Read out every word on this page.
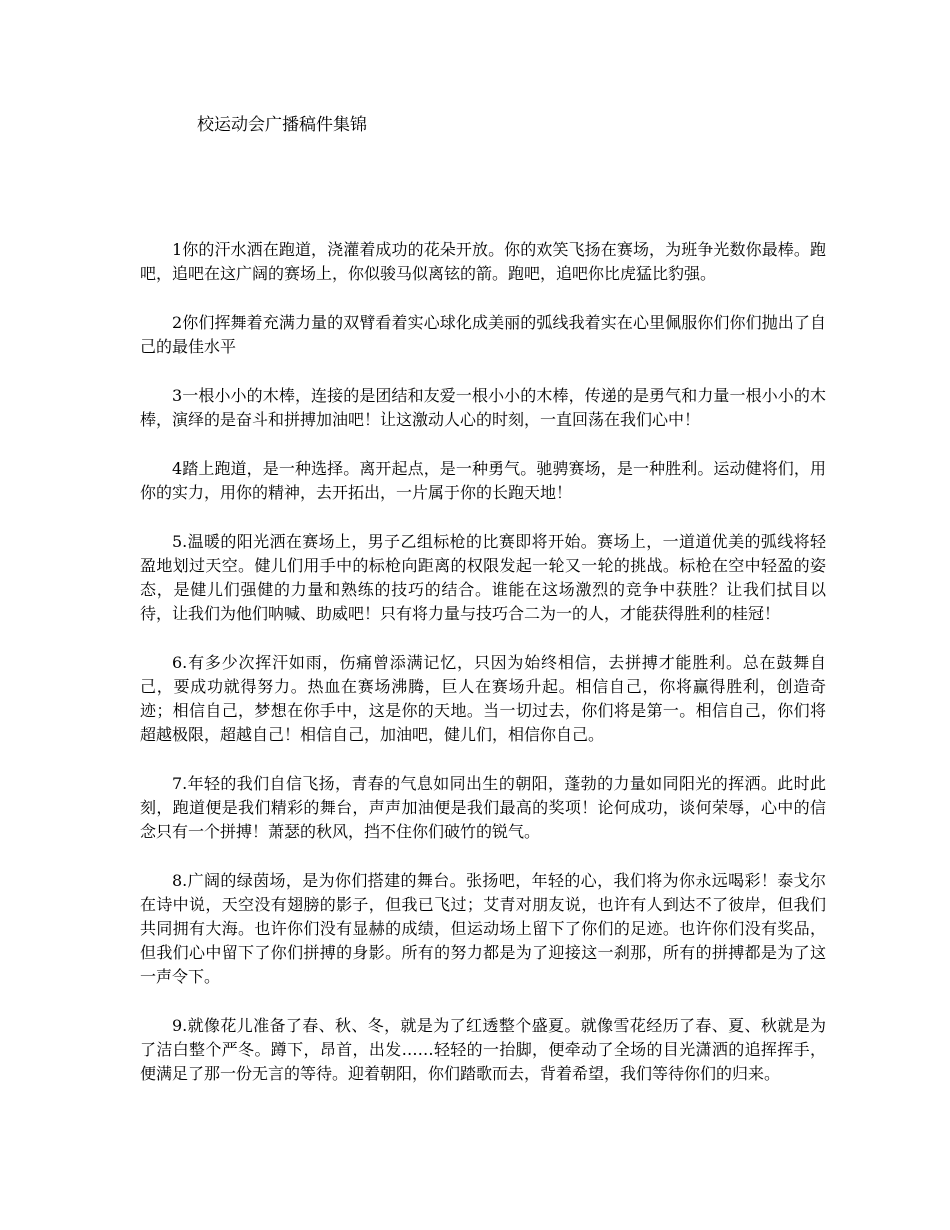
校运动会广播稿件集锦

1你的汗水洒在跑道，浇灌着成功的花朵开放。你的欢笑飞扬在赛场，为班争光数你最棒。跑吧，追吧在这广阔的赛场上，你似骏马似离铉的箭。跑吧，追吧你比虎猛比豹强。

2你们挥舞着充满力量的双臂看着实心球化成美丽的弧线我着实在心里佩服你们你们抛出了自己的最佳水平

3一根小小的木棒，连接的是团结和友爱一根小小的木棒，传递的是勇气和力量一根小小的木棒，演绎的是奋斗和拼搏加油吧！让这激动人心的时刻，一直回荡在我们心中！

4踏上跑道，是一种选择。离开起点，是一种勇气。驰骋赛场，是一种胜利。运动健将们，用你的实力，用你的精神，去开拓出，一片属于你的长跑天地！

5.温暖的阳光洒在赛场上，男子乙组标枪的比赛即将开始。赛场上，一道道优美的弧线将轻盈地划过天空。健儿们用手中的标枪向距离的权限发起一轮又一轮的挑战。标枪在空中轻盈的姿态，是健儿们强健的力量和熟练的技巧的结合。谁能在这场激烈的竞争中获胜？让我们拭目以待，让我们为他们呐喊、助威吧！只有将力量与技巧合二为一的人，才能获得胜利的桂冠！

6.有多少次挥汗如雨，伤痛曾添满记忆，只因为始终相信，去拼搏才能胜利。总在鼓舞自己，要成功就得努力。热血在赛场沸腾，巨人在赛场升起。相信自己，你将赢得胜利，创造奇迹；相信自己，梦想在你手中，这是你的天地。当一切过去，你们将是第一。相信自己，你们将超越极限，超越自己！相信自己，加油吧，健儿们，相信你自己。

7.年轻的我们自信飞扬，青春的气息如同出生的朝阳，蓬勃的力量如同阳光的挥洒。此时此刻，跑道便是我们精彩的舞台，声声加油便是我们最高的奖项！论何成功，谈何荣辱，心中的信念只有一个拼搏！萧瑟的秋风，挡不住你们破竹的锐气。

8.广阔的绿茵场，是为你们搭建的舞台。张扬吧，年轻的心，我们将为你永远喝彩！泰戈尔在诗中说，天空没有翅膀的影子，但我已飞过；艾青对朋友说，也许有人到达不了彼岸，但我们共同拥有大海。也许你们没有显赫的成绩，但运动场上留下了你们的足迹。也许你们没有奖品，但我们心中留下了你们拼搏的身影。所有的努力都是为了迎接这一刹那，所有的拼搏都是为了这一声令下。

9.就像花儿准备了春、秋、冬，就是为了红透整个盛夏。就像雪花经历了春、夏、秋就是为了洁白整个严冬。蹲下，昂首，出发……轻轻的一抬脚，便牵动了全场的目光潇洒的追挥挥手，便满足了那一份无言的等待。迎着朝阳，你们踏歌而去，背着希望，我们等待你们的归来。
